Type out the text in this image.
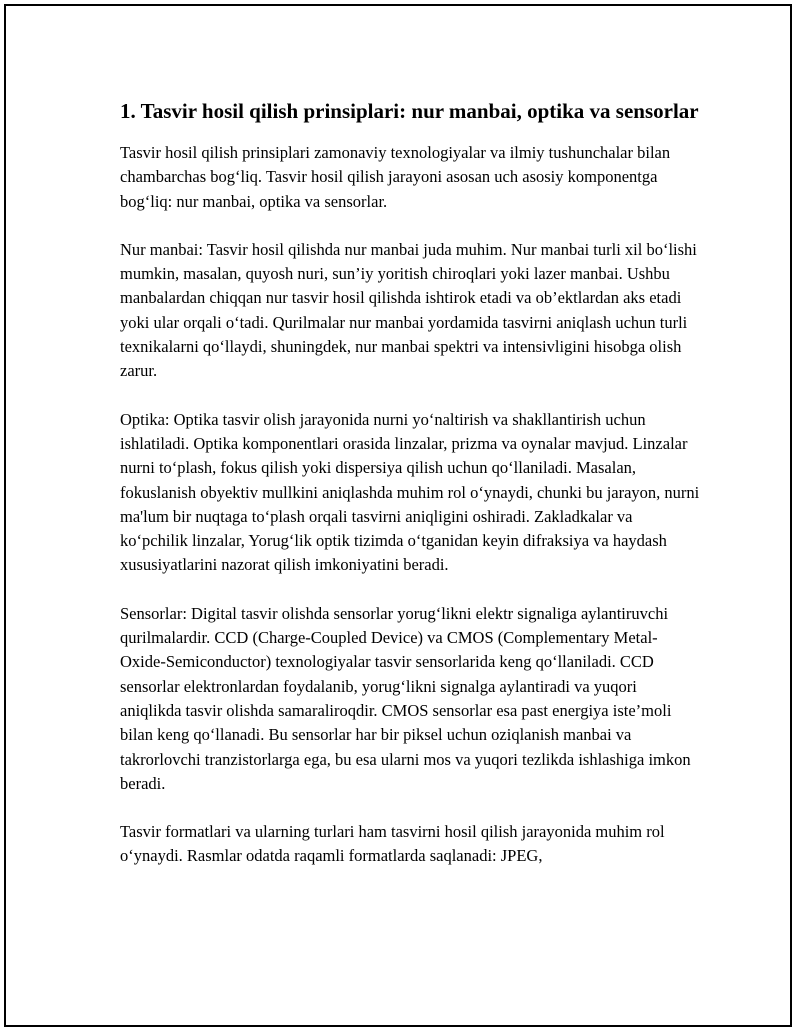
1. Tasvir hosil qilish prinsiplari: nur manbai, optika va sensorlar

Tasvir hosil qilish prinsiplari zamonaviy texnologiyalar va ilmiy tushunchalar bilan chambarchas bog‘liq. Tasvir hosil qilish jarayoni asosan uch asosiy komponentga bog‘liq: nur manbai, optika va sensorlar.

Nur manbai: Tasvir hosil qilishda nur manbai juda muhim. Nur manbai turli xil bo‘lishi mumkin, masalan, quyosh nuri, sun’iy yoritish chiroqlari yoki lazer manbai. Ushbu manbalardan chiqqan nur tasvir hosil qilishda ishtirok etadi va ob’ektlardan aks etadi yoki ular orqali o‘tadi. Qurilmalar nur manbai yordamida tasvirni aniqlash uchun turli texnikalarni qo‘llaydi, shuningdek, nur manbai spektri va intensivligini hisobga olish zarur.

Optika: Optika tasvir olish jarayonida nurni yo‘naltirish va shakllantirish uchun ishlatiladi. Optika komponentlari orasida linzalar, prizma va oynalar mavjud. Linzalar nurni to‘plash, fokus qilish yoki dispersiya qilish uchun qo‘llaniladi. Masalan, fokuslanish obyektiv mullkini aniqlashda muhim rol o‘ynaydi, chunki bu jarayon, nurni ma'lum bir nuqtaga to‘plash orqali tasvirni aniqligini oshiradi. Zakladkalar va ko‘pchilik linzalar, Yorug‘lik optik tizimda o‘tganidan keyin difraksiya va haydash xususiyatlarini nazorat qilish imkoniyatini beradi.

Sensorlar: Digital tasvir olishda sensorlar yorug‘likni elektr signaliga aylantiruvchi qurilmalardir. CCD (Charge-Coupled Device) va CMOS (Complementary Metal-Oxide-Semiconductor) texnologiyalar tasvir sensorlarida keng qo‘llaniladi. CCD sensorlar elektronlardan foydalanib, yorug‘likni signalga aylantiradi va yuqori aniqlikda tasvir olishda samaraliroqdir. CMOS sensorlar esa past energiya iste’moli bilan keng qo‘llanadi. Bu sensorlar har bir piksel uchun oziqlanish manbai va takrorlovchi tranzistorlarga ega, bu esa ularni mos va yuqori tezlikda ishlashiga imkon beradi.

Tasvir formatlari va ularning turlari ham tasvirni hosil qilish jarayonida muhim rol o‘ynaydi. Rasmlar odatda raqamli formatlarda saqlanadi: JPEG,
